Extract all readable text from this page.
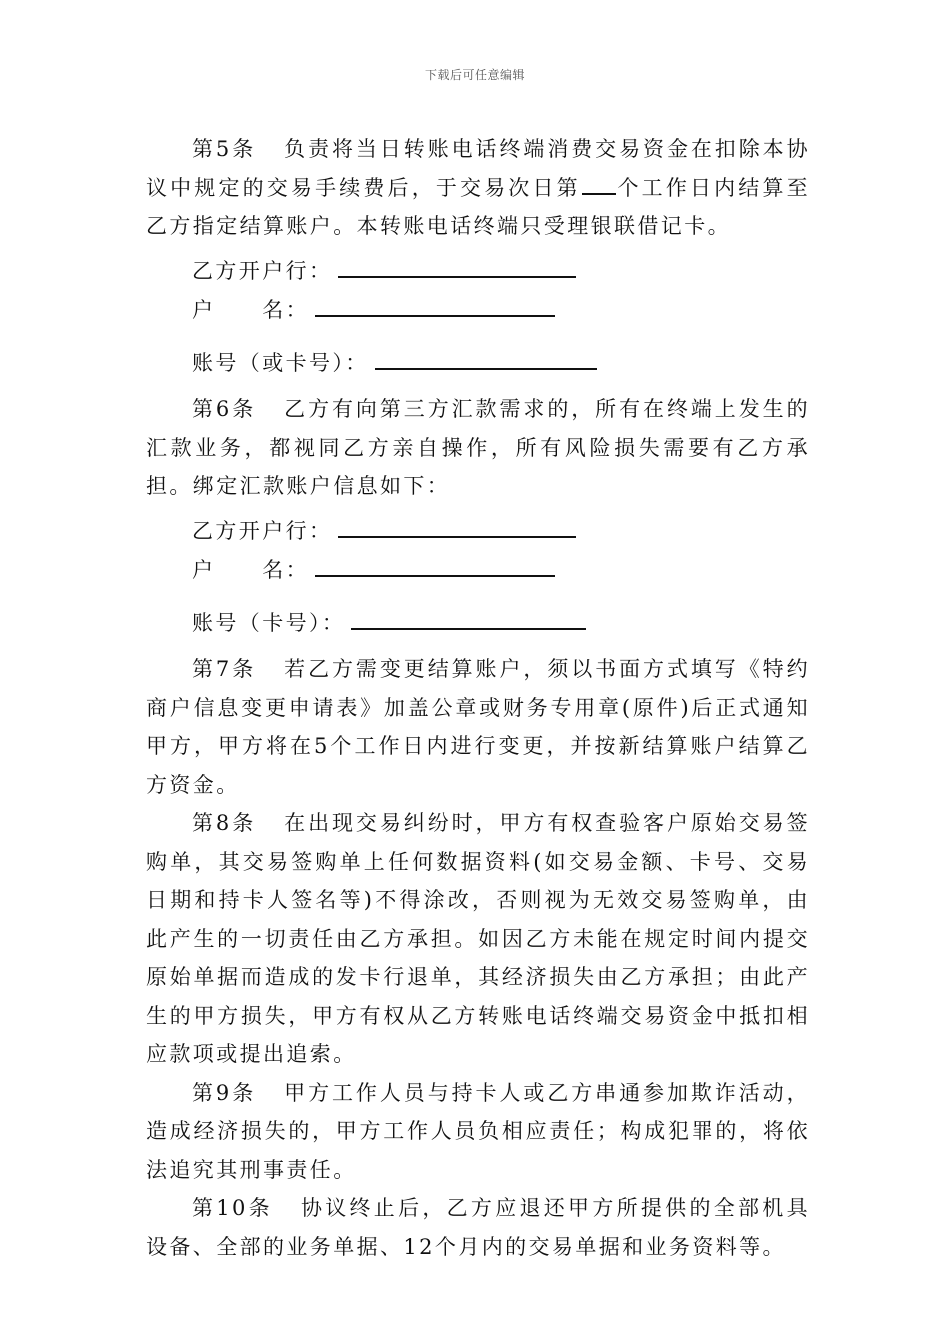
下载后可任意编辑

第5条 负责将当日转账电话终端消费交易资金在扣除本协议中规定的交易手续费后，于交易次日第 个工作日内结算至乙方指定结算账户。本转账电话终端只受理银联借记卡。

乙方开户行：
户　　名：
账号（或卡号）：

第6条 乙方有向第三方汇款需求的，所有在终端上发生的汇款业务，都视同乙方亲自操作，所有风险损失需要有乙方承担。绑定汇款账户信息如下：

乙方开户行：
户　　名：
账号（卡号）：

第7条 若乙方需变更结算账户，须以书面方式填写《特约商户信息变更申请表》加盖公章或财务专用章(原件)后正式通知甲方，甲方将在5个工作日内进行变更，并按新结算账户结算乙方资金。

第8条 在出现交易纠纷时，甲方有权查验客户原始交易签购单，其交易签购单上任何数据资料(如交易金额、卡号、交易日期和持卡人签名等)不得涂改，否则视为无效交易签购单，由此产生的一切责任由乙方承担。如因乙方未能在规定时间内提交原始单据而造成的发卡行退单，其经济损失由乙方承担；由此产生的甲方损失，甲方有权从乙方转账电话终端交易资金中抵扣相应款项或提出追索。

第9条 甲方工作人员与持卡人或乙方串通参加欺诈活动，造成经济损失的，甲方工作人员负相应责任；构成犯罪的，将依法追究其刑事责任。

第10条 协议终止后，乙方应退还甲方所提供的全部机具设备、全部的业务单据、12个月内的交易单据和业务资料等。
